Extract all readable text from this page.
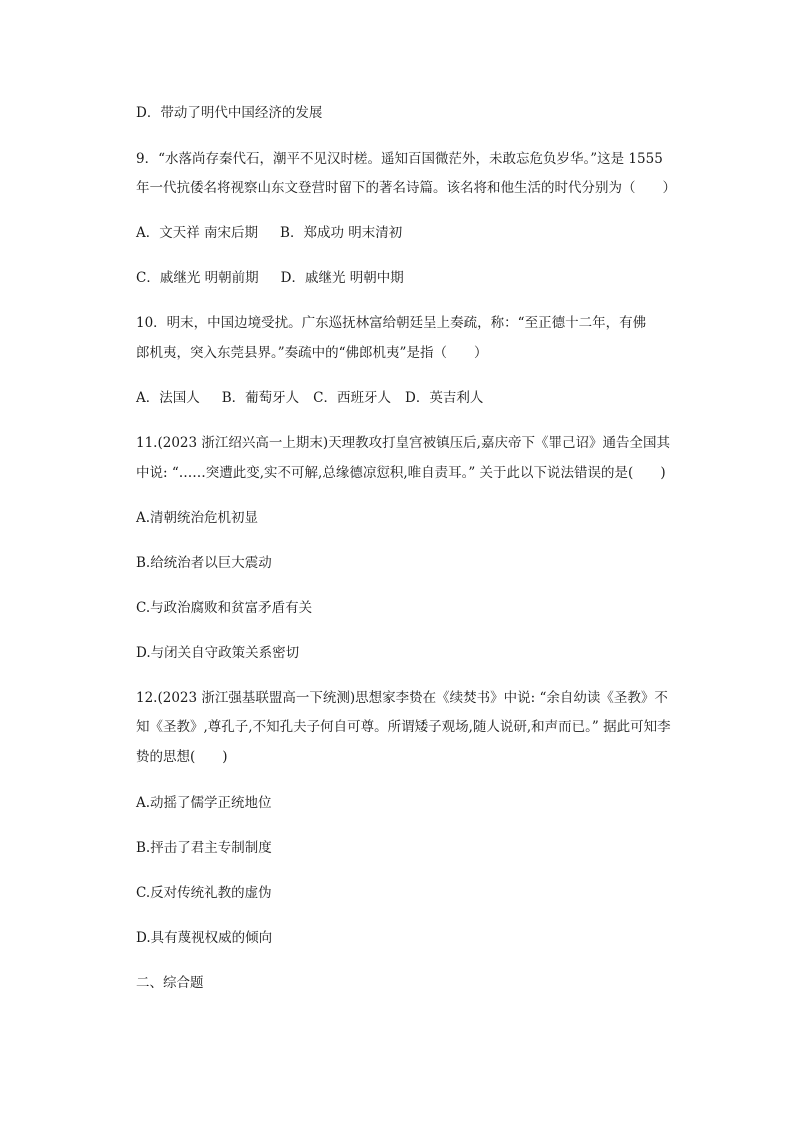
D．带动了明代中国经济的发展
9．“水落尚存秦代石，潮平不见汉时槎。遥知百国微茫外，未敢忘危负岁华。”这是 1555
年一代抗倭名将视察山东文登营时留下的著名诗篇。该名将和他生活的时代分别为（　　）
A．文天祥 南宋后期 B．郑成功 明末清初
C．戚继光 明朝前期 D．戚继光 明朝中期
10．明末，中国边境受扰。广东巡抚林富给朝廷呈上奏疏，称：“至正德十二年，有佛
郎机夷，突入东莞县界。”奏疏中的“佛郎机夷”是指（　　）
A．法国人 B．葡萄牙人 C．西班牙人 D．英吉利人
11.(2023 浙江绍兴高一上期末)天理教攻打皇宫被镇压后,嘉庆帝下《罪己诏》通告全国其
中说: “……突遭此变,实不可解,总缘德凉愆积,唯自责耳。” 关于此以下说法错误的是(　　)
A.清朝统治危机初显
B.给统治者以巨大震动
C.与政治腐败和贫富矛盾有关
D.与闭关自守政策关系密切
12.(2023 浙江强基联盟高一下统测)思想家李贽在《续焚书》中说: “余自幼读《圣教》不
知《圣教》,尊孔子,不知孔夫子何自可尊。所谓矮子观场,随人说研,和声而已。” 据此可知李
贽的思想(　　)
A.动摇了儒学正统地位
B.抨击了君主专制制度
C.反对传统礼教的虚伪
D.具有蔑视权威的倾向
二、综合题
